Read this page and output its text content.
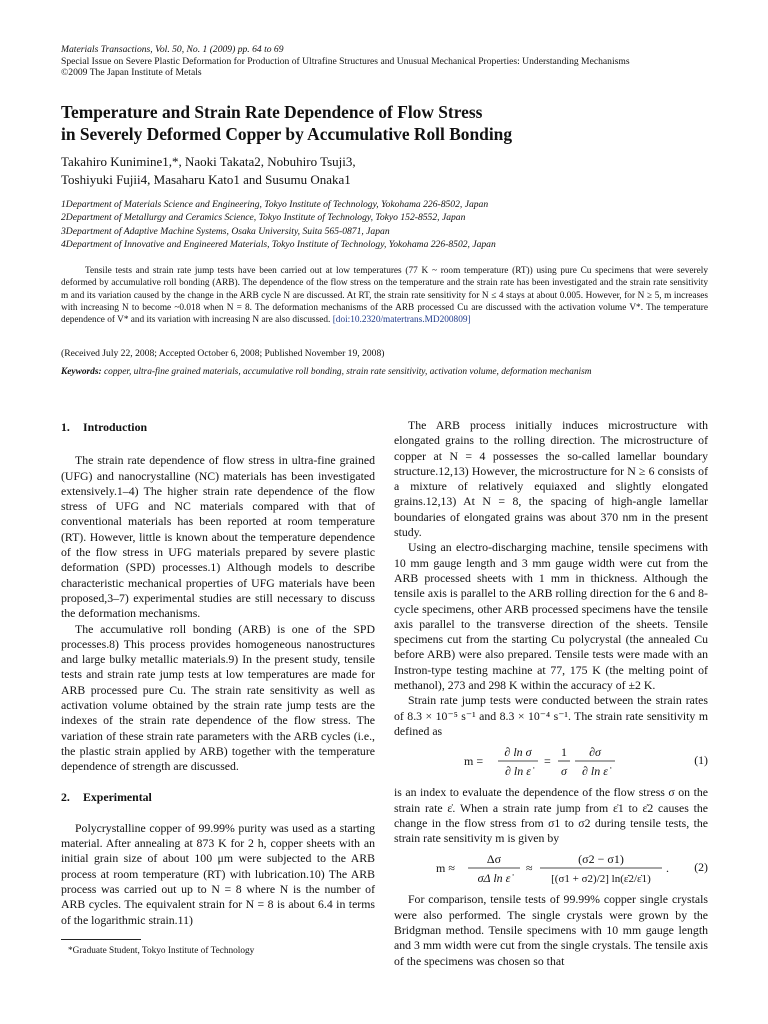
Materials Transactions, Vol. 50, No. 1 (2009) pp. 64 to 69
Special Issue on Severe Plastic Deformation for Production of Ultrafine Structures and Unusual Mechanical Properties: Understanding Mechanisms
©2009 The Japan Institute of Metals
Temperature and Strain Rate Dependence of Flow Stress
in Severely Deformed Copper by Accumulative Roll Bonding
Takahiro Kunimine1,*, Naoki Takata2, Nobuhiro Tsuji3,
Toshiyuki Fujii4, Masaharu Kato1 and Susumu Onaka1
1Department of Materials Science and Engineering, Tokyo Institute of Technology, Yokohama 226-8502, Japan
2Department of Metallurgy and Ceramics Science, Tokyo Institute of Technology, Tokyo 152-8552, Japan
3Department of Adaptive Machine Systems, Osaka University, Suita 565-0871, Japan
4Department of Innovative and Engineered Materials, Tokyo Institute of Technology, Yokohama 226-8502, Japan
Tensile tests and strain rate jump tests have been carried out at low temperatures (77 K ~ room temperature (RT)) using pure Cu specimens that were severely deformed by accumulative roll bonding (ARB). The dependence of the flow stress on the temperature and the strain rate has been investigated and the strain rate sensitivity m and its variation caused by the change in the ARB cycle N are discussed. At RT, the strain rate sensitivity for N ≤ 4 stays at about 0.005. However, for N ≥ 5, m increases with increasing N to become ~0.018 when N = 8. The deformation mechanisms of the ARB processed Cu are discussed with the activation volume V*. The temperature dependence of V* and its variation with increasing N are also discussed. [doi:10.2320/matertrans.MD200809]
(Received July 22, 2008; Accepted October 6, 2008; Published November 19, 2008)
Keywords: copper, ultra-fine grained materials, accumulative roll bonding, strain rate sensitivity, activation volume, deformation mechanism
1. Introduction

The strain rate dependence of flow stress in ultra-fine grained (UFG) and nanocrystalline (NC) materials has been investigated extensively.1–4) The higher strain rate dependence of the flow stress of UFG and NC materials compared with that of conventional materials has been reported at room temperature (RT). However, little is known about the temperature dependence of the flow stress in UFG materials prepared by severe plastic deformation (SPD) processes.1) Although models to describe characteristic mechanical properties of UFG materials have been proposed,3–7) experimental studies are still necessary to discuss the deformation mechanisms.

The accumulative roll bonding (ARB) is one of the SPD processes.8) This process provides homogeneous nanostructures and large bulky metallic materials.9) In the present study, tensile tests and strain rate jump tests at low temperatures are made for ARB processed pure Cu. The strain rate sensitivity as well as activation volume obtained by the strain rate jump tests are the indexes of the strain rate dependence of the flow stress. The variation of these strain rate parameters with the ARB cycles (i.e., the plastic strain applied by ARB) together with the temperature dependence of strength are discussed.

2. Experimental

Polycrystalline copper of 99.99% purity was used as a starting material. After annealing at 873 K for 2 h, copper sheets with an initial grain size of about 100 μm were subjected to the ARB process at room temperature (RT) with lubrication.10) The ARB process was carried out up to N = 8 where N is the number of ARB cycles. The equivalent strain for N = 8 is about 6.4 in terms of the logarithmic strain.11)

The ARB process initially induces microstructure with elongated grains to the rolling direction. The microstructure of copper at N = 4 possesses the so-called lamellar boundary structure.12,13) However, the microstructure for N ≥ 6 consists of a mixture of relatively equiaxed and slightly elongated grains.12,13) At N = 8, the spacing of high-angle lamellar boundaries of elongated grains was about 370 nm in the present study.

Using an electro-discharging machine, tensile specimens with 10 mm gauge length and 3 mm gauge width were cut from the ARB processed sheets with 1 mm in thickness. Although the tensile axis is parallel to the ARB rolling direction for the 6 and 8-cycle specimens, other ARB processed specimens have the tensile axis parallel to the transverse direction of the sheets. Tensile specimens cut from the starting Cu polycrystal (the annealed Cu before ARB) were also prepared. Tensile tests were made with an Instron-type testing machine at 77, 175 K (the melting point of methanol), 273 and 298 K within the accuracy of ±2 K.

Strain rate jump tests were conducted between the strain rates of 8.3 × 10⁻⁵ s⁻¹ and 8.3 × 10⁻⁴ s⁻¹. The strain rate sensitivity m defined as

m =
∂ ln σ
∂ ln ε̇
=
1
σ
∂σ
∂ ln ε̇
(1)

is an index to evaluate the dependence of the flow stress σ on the strain rate ε̇. When a strain rate jump from ε̇1 to ε̇2 causes the change in the flow stress from σ1 to σ2 during tensile tests, the strain rate sensitivity m is given by

m ≈
Δσ
σΔ ln ε̇
≈
(σ2 − σ1)
[(σ1 + σ2)/2] ln(ε̇2/ε̇1)
. (2)

For comparison, tensile tests of 99.99% copper single crystals were also performed. The single crystals were grown by the Bridgman method. Tensile specimens with 10 mm gauge length and 3 mm width were cut from the single crystals. The tensile axis of the specimens was chosen so that

*Graduate Student, Tokyo Institute of Technology
